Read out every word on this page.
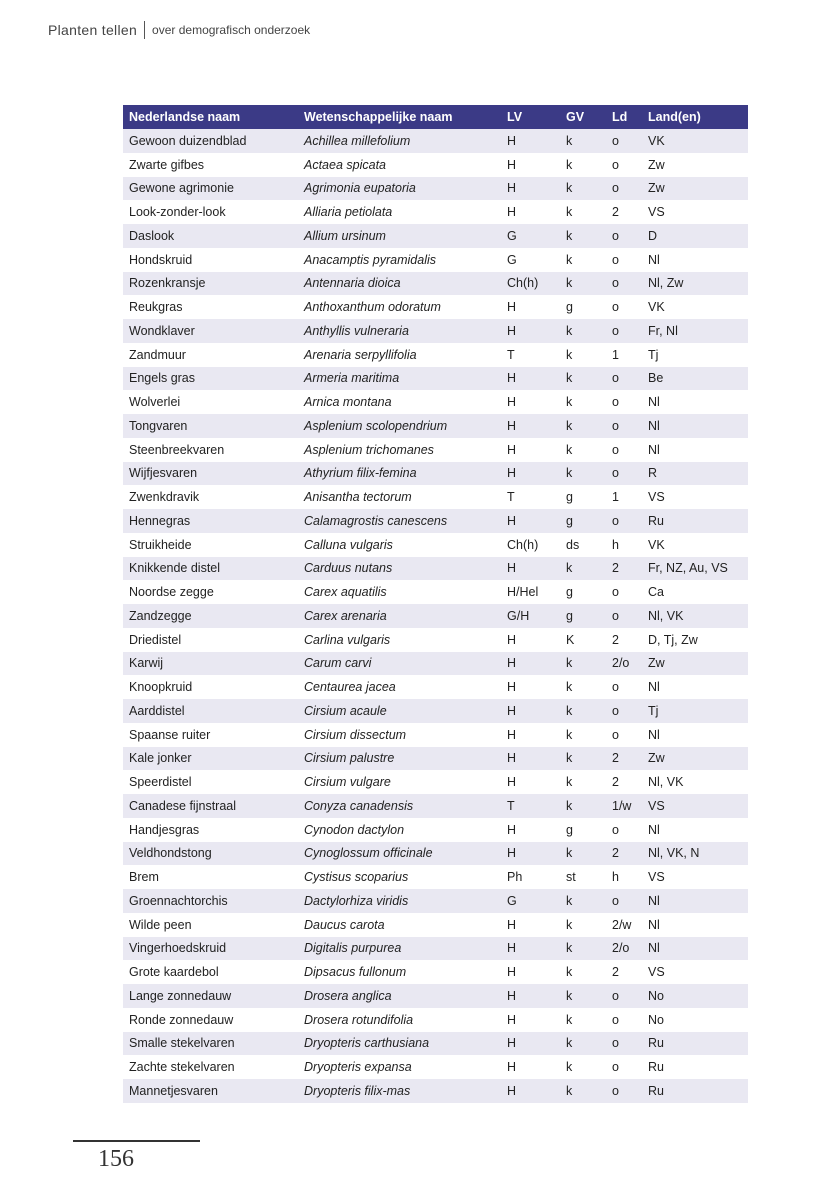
Planten tellen over demografisch onderzoek
Nederlandse naam	Wetenschappelijke naam	LV	GV	Ld	Land(en)
Gewoon duizendblad	Achillea millefolium	H	k	o	VK
Zwarte gifbes	Actaea spicata	H	k	o	Zw
Gewone agrimonie	Agrimonia eupatoria	H	k	o	Zw
Look-zonder-look	Alliaria petiolata	H	k	2	VS
Daslook	Allium ursinum	G	k	o	D
Hondskruid	Anacamptis pyramidalis	G	k	o	Nl
Rozenkransje	Antennaria dioica	Ch(h)	k	o	Nl, Zw
Reukgras	Anthoxanthum odoratum	H	g	o	VK
Wondklaver	Anthyllis vulneraria	H	k	o	Fr, Nl
Zandmuur	Arenaria serpyllifolia	T	k	1	Tj
Engels gras	Armeria maritima	H	k	o	Be
Wolverlei	Arnica montana	H	k	o	Nl
Tongvaren	Asplenium scolopendrium	H	k	o	Nl
Steenbreekvaren	Asplenium trichomanes	H	k	o	Nl
Wijfjesvaren	Athyrium filix-femina	H	k	o	R
Zwenkdravik	Anisantha tectorum	T	g	1	VS
Hennegras	Calamagrostis canescens	H	g	o	Ru
Struikheide	Calluna vulgaris	Ch(h)	ds	h	VK
Knikkende distel	Carduus nutans	H	k	2	Fr, NZ, Au, VS
Noordse zegge	Carex aquatilis	H/Hel	g	o	Ca
Zandzegge	Carex arenaria	G/H	g	o	Nl, VK
Driedistel	Carlina vulgaris	H	K	2	D, Tj, Zw
Karwij	Carum carvi	H	k	2/o	Zw
Knoopkruid	Centaurea jacea	H	k	o	Nl
Aarddistel	Cirsium acaule	H	k	o	Tj
Spaanse ruiter	Cirsium dissectum	H	k	o	Nl
Kale jonker	Cirsium palustre	H	k	2	Zw
Speerdistel	Cirsium vulgare	H	k	2	Nl, VK
Canadese fijnstraal	Conyza canadensis	T	k	1/w	VS
Handjesgras	Cynodon dactylon	H	g	o	Nl
Veldhondstong	Cynoglossum officinale	H	k	2	Nl, VK, N
Brem	Cystisus scoparius	Ph	st	h	VS
Groennachtorchis	Dactylorhiza viridis	G	k	o	Nl
Wilde peen	Daucus carota	H	k	2/w	Nl
Vingerhoedskruid	Digitalis purpurea	H	k	2/o	Nl
Grote kaardebol	Dipsacus fullonum	H	k	2	VS
Lange zonnedauw	Drosera anglica	H	k	o	No
Ronde zonnedauw	Drosera rotundifolia	H	k	o	No
Smalle stekelvaren	Dryopteris carthusiana	H	k	o	Ru
Zachte stekelvaren	Dryopteris expansa	H	k	o	Ru
Mannetjesvaren	Dryopteris filix-mas	H	k	o	Ru
156
